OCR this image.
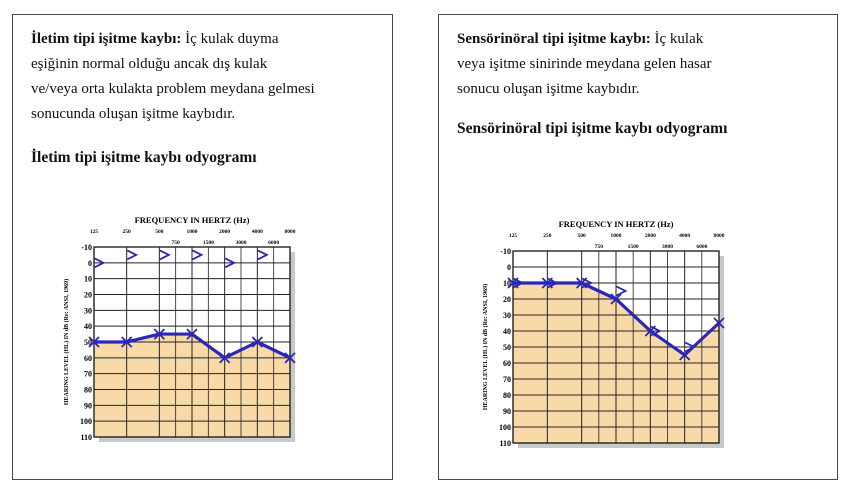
İletim tipi işitme kaybı: İç kulak duyma
eşiğinin normal olduğu ancak dış kulak
ve/veya orta kulakta problem meydana gelmesi
sonucunda oluşan işitme kaybıdır.
İletim tipi işitme kaybı odyogramı
FREQUENCY IN HERTZ (Hz)
125	250	500	1000	2000	4000	8000
750	1500	3000	6000
-10
0
10
20
30
40
50
60
70
80
90
100
110
HEARING LEVEL (HL) IN dB (Re: ANSI, 1969)
Sensörinöral tipi işitme kaybı: İç kulak
veya işitme sinirinde meydana gelen hasar
sonucu oluşan işitme kaybıdır.
Sensörinöral tipi işitme kaybı odyogramı
FREQUENCY IN HERTZ (Hz)
125	250	500	1000	2000	4000	8000
750	1500	3000	6000
-10
0
10
20
30
40
50
60
70
80
90
100
110
HEARING LEVEL (HL) IN dB (Re: ANSI, 1969)
